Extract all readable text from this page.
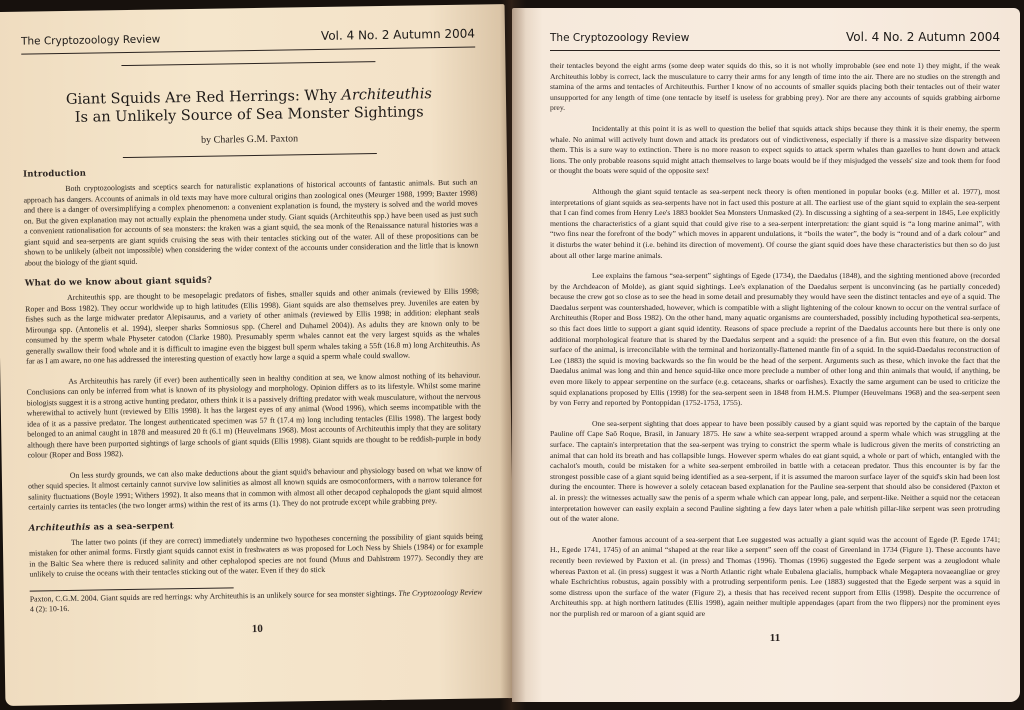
The Cryptozoology Review	Vol. 4 No. 2 Autumn 2004
Giant Squids Are Red Herrings: Why Architeuthis
Is an Unlikely Source of Sea Monster Sightings
by Charles G.M. Paxton
Introduction

Both cryptozoologists and sceptics search for naturalistic explanations of historical accounts of fantastic animals. But such an approach has dangers. Accounts of animals in old texts may have more cultural origins than zoological ones (Meurger 1988, 1999; Baxter 1998) and there is a danger of oversimplifying a complex phenomenon: a convenient explanation is found, the mystery is solved and the world moves on. But the given explanation may not actually explain the phenomena under study. Giant squids (Architeuthis spp.) have been used as just such a convenient rationalisation for accounts of sea monsters: the kraken was a giant squid, the sea monk of the Renaissance natural histories was a giant squid and sea-serpents are giant squids cruising the seas with their tentacles sticking out of the water. All of these propositions can be shown to be unlikely (albeit not impossible) when considering the wider context of the accounts under consideration and the little that is known about the biology of the giant squid.

What do we know about giant squids?

Architeuthis spp. are thought to be mesopelagic predators of fishes, smaller squids and other animals (reviewed by Ellis 1998; Roper and Boss 1982). They occur worldwide up to high latitudes (Ellis 1998). Giant squids are also themselves prey. Juveniles are eaten by fishes such as the large midwater predator Alepisaurus, and a variety of other animals (reviewed by Ellis 1998; in addition: elephant seals Mirounga spp. (Antonelis et al. 1994), sleeper sharks Somniosus spp. (Cherel and Duhamel 2004)). As adults they are known only to be consumed by the sperm whale Physeter catodon (Clarke 1980). Presumably sperm whales cannot eat the very largest squids as the whales generally swallow their food whole and it is difficult to imagine even the biggest bull sperm whales taking a 55ft (16.8 m) long Architeuthis. As far as I am aware, no one has addressed the interesting question of exactly how large a squid a sperm whale could swallow.

As Architeuthis has rarely (if ever) been authentically seen in healthy condition at sea, we know almost nothing of its behaviour. Conclusions can only be inferred from what is known of its physiology and morphology. Opinion differs as to its lifestyle. Whilst some marine biologists suggest it is a strong active hunting predator, others think it is a passively drifting predator with weak musculature, without the nervous wherewithal to actively hunt (reviewed by Ellis 1998). It has the largest eyes of any animal (Wood 1996), which seems incompatible with the idea of it as a passive predator. The longest authenticated specimen was 57 ft (17.4 m) long including tentacles (Ellis 1998). The largest body belonged to an animal caught in 1878 and measured 20 ft (6.1 m) (Heuvelmans 1968). Most accounts of Architeuthis imply that they are solitary although there have been purported sightings of large schools of giant squids (Ellis 1998). Giant squids are thought to be reddish-purple in body colour (Roper and Boss 1982).

On less sturdy grounds, we can also make deductions about the giant squid's behaviour and physiology based on what we know of other squid species. It almost certainly cannot survive low salinities as almost all known squids are osmoconformers, with a narrow tolerance for salinity fluctuations (Boyle 1991; Withers 1992). It also means that in common with almost all other decapod cephalopods the giant squid almost certainly carries its tentacles (the two longer arms) within the rest of its arms (1). They do not protrude except while grabbing prey.

Architeuthis as a sea-serpent

The latter two points (if they are correct) immediately undermine two hypotheses concerning the possibility of giant squids being mistaken for other animal forms. Firstly giant squids cannot exist in freshwaters as was proposed for Loch Ness by Shiels (1984) or for example in the Baltic Sea where there is reduced salinity and other cephalopod species are not found (Muus and Dahlstrøm 1977). Secondly they are unlikely to cruise the oceans with their tentacles sticking out of the water. Even if they do stick

Paxton, C.G.M. 2004. Giant squids are red herrings: why Architeuthis is an unlikely source for sea monster sightings. The Cryptozoology Review 4 (2): 10-16.
10
The Cryptozoology Review	Vol. 4 No. 2 Autumn 2004

their tentacles beyond the eight arms (some deep water squids do this, so it is not wholly improbable (see end note 1) they might, if the weak Architeuthis lobby is correct, lack the musculature to carry their arms for any length of time into the air. There are no studies on the strength and stamina of the arms and tentacles of Architeuthis. Further I know of no accounts of smaller squids placing both their tentacles out of their water unsupported for any length of time (one tentacle by itself is useless for grabbing prey). Nor are there any accounts of squids grabbing airborne prey.

Incidentally at this point it is as well to question the belief that squids attack ships because they think it is their enemy, the sperm whale. No animal will actively hunt down and attack its predators out of vindictiveness, especially if there is a massive size disparity between them. This is a sure way to extinction. There is no more reason to expect squids to attack sperm whales than gazelles to hunt down and attack lions. The only probable reasons squid might attach themselves to large boats would be if they misjudged the vessels' size and took them for food or thought the boats were squid of the opposite sex!

Although the giant squid tentacle as sea-serpent neck theory is often mentioned in popular books (e.g. Miller et al. 1977), most interpretations of giant squids as sea-serpents have not in fact used this posture at all. The earliest use of the giant squid to explain the sea-serpent that I can find comes from Henry Lee's 1883 booklet Sea Monsters Unmasked (2). In discussing a sighting of a sea-serpent in 1845, Lee explicitly mentions the characteristics of a giant squid that could give rise to a sea-serpent interpretation: the giant squid is “a long marine animal”, with “two fins near the forefront of the body” which moves in apparent undulations, it “boils the water”, the body is “round and of a dark colour” and it disturbs the water behind it (i.e. behind its direction of movement). Of course the giant squid does have these characteristics but then so do just about all other large marine animals.

Lee explains the famous “sea-serpent” sightings of Egede (1734), the Daedalus (1848), and the sighting mentioned above (recorded by the Archdeacon of Molde), as giant squid sightings. Lee's explanation of the Daedalus serpent is unconvincing (as he partially conceded) because the crew got so close as to see the head in some detail and presumably they would have seen the distinct tentacles and eye of a squid. The Daedalus serpent was countershaded, however, which is compatible with a slight lightening of the colour known to occur on the ventral surface of Architeuthis (Roper and Boss 1982). On the other hand, many aquatic organisms are countershaded, possibly including hypothetical sea-serpents, so this fact does little to support a giant squid identity. Reasons of space preclude a reprint of the Daedalus accounts here but there is only one additional morphological feature that is shared by the Daedalus serpent and a squid: the presence of a fin. But even this feature, on the dorsal surface of the animal, is irreconcilable with the terminal and horizontally-flattened mantle fin of a squid. In the squid-Daedalus reconstruction of Lee (1883) the squid is moving backwards so the fin would be the head of the serpent. Arguments such as these, which invoke the fact that the Daedalus animal was long and thin and hence squid-like once more preclude a number of other long and thin animals that would, if anything, be even more likely to appear serpentine on the surface (e.g. cetaceans, sharks or oarfishes). Exactly the same argument can be used to criticize the squid explanations proposed by Ellis (1998) for the sea-serpent seen in 1848 from H.M.S. Plumper (Heuvelmans 1968) and the sea-serpent seen by von Ferry and reported by Pontoppidan (1752-1753, 1755).

One sea-serpent sighting that does appear to have been possibly caused by a giant squid was reported by the captain of the barque Pauline off Cape Saõ Roque, Brasil, in January 1875. He saw a white sea-serpent wrapped around a sperm whale which was struggling at the surface. The captain's interpretation that the sea-serpent was trying to constrict the sperm whale is ludicrous given the merits of constricting an animal that can hold its breath and has collapsible lungs. However sperm whales do eat giant squid, a whole or part of which, entangled with the cachalot's mouth, could be mistaken for a white sea-serpent embroiled in battle with a cetacean predator. Thus this encounter is by far the strongest possible case of a giant squid being identified as a sea-serpent, if it is assumed the maroon surface layer of the squid's skin had been lost during the encounter. There is however a solely cetacean based explanation for the Pauline sea-serpent that should also be considered (Paxton et al. in press): the witnesses actually saw the penis of a sperm whale which can appear long, pale, and serpent-like. Neither a squid nor the cetacean interpretation however can easily explain a second Pauline sighting a few days later when a pale whitish pillar-like serpent was seen protruding out of the water alone.

Another famous account of a sea-serpent that Lee suggested was actually a giant squid was the account of Egede (P. Egede 1741; H., Egede 1741, 1745) of an animal “shaped at the rear like a serpent” seen off the coast of Greenland in 1734 (Figure 1). These accounts have recently been reviewed by Paxton et al. (in press) and Thomas (1996). Thomas (1996) suggested the Egede serpent was a zeuglodont whale whereas Paxton et al. (in press) suggest it was a North Atlantic right whale Eubalena glacialis, humpback whale Megaptera novaeangliae or grey whale Eschrichtius robustus, again possibly with a protruding serpentiform penis. Lee (1883) suggested that the Egede serpent was a squid in some distress upon the surface of the water (Figure 2), a thesis that has received recent support from Ellis (1998). Despite the occurrence of Architeuthis spp. at high northern latitudes (Ellis 1998), again neither multiple appendages (apart from the two flippers) nor the prominent eyes nor the purplish red or maroon of a giant squid are

11
